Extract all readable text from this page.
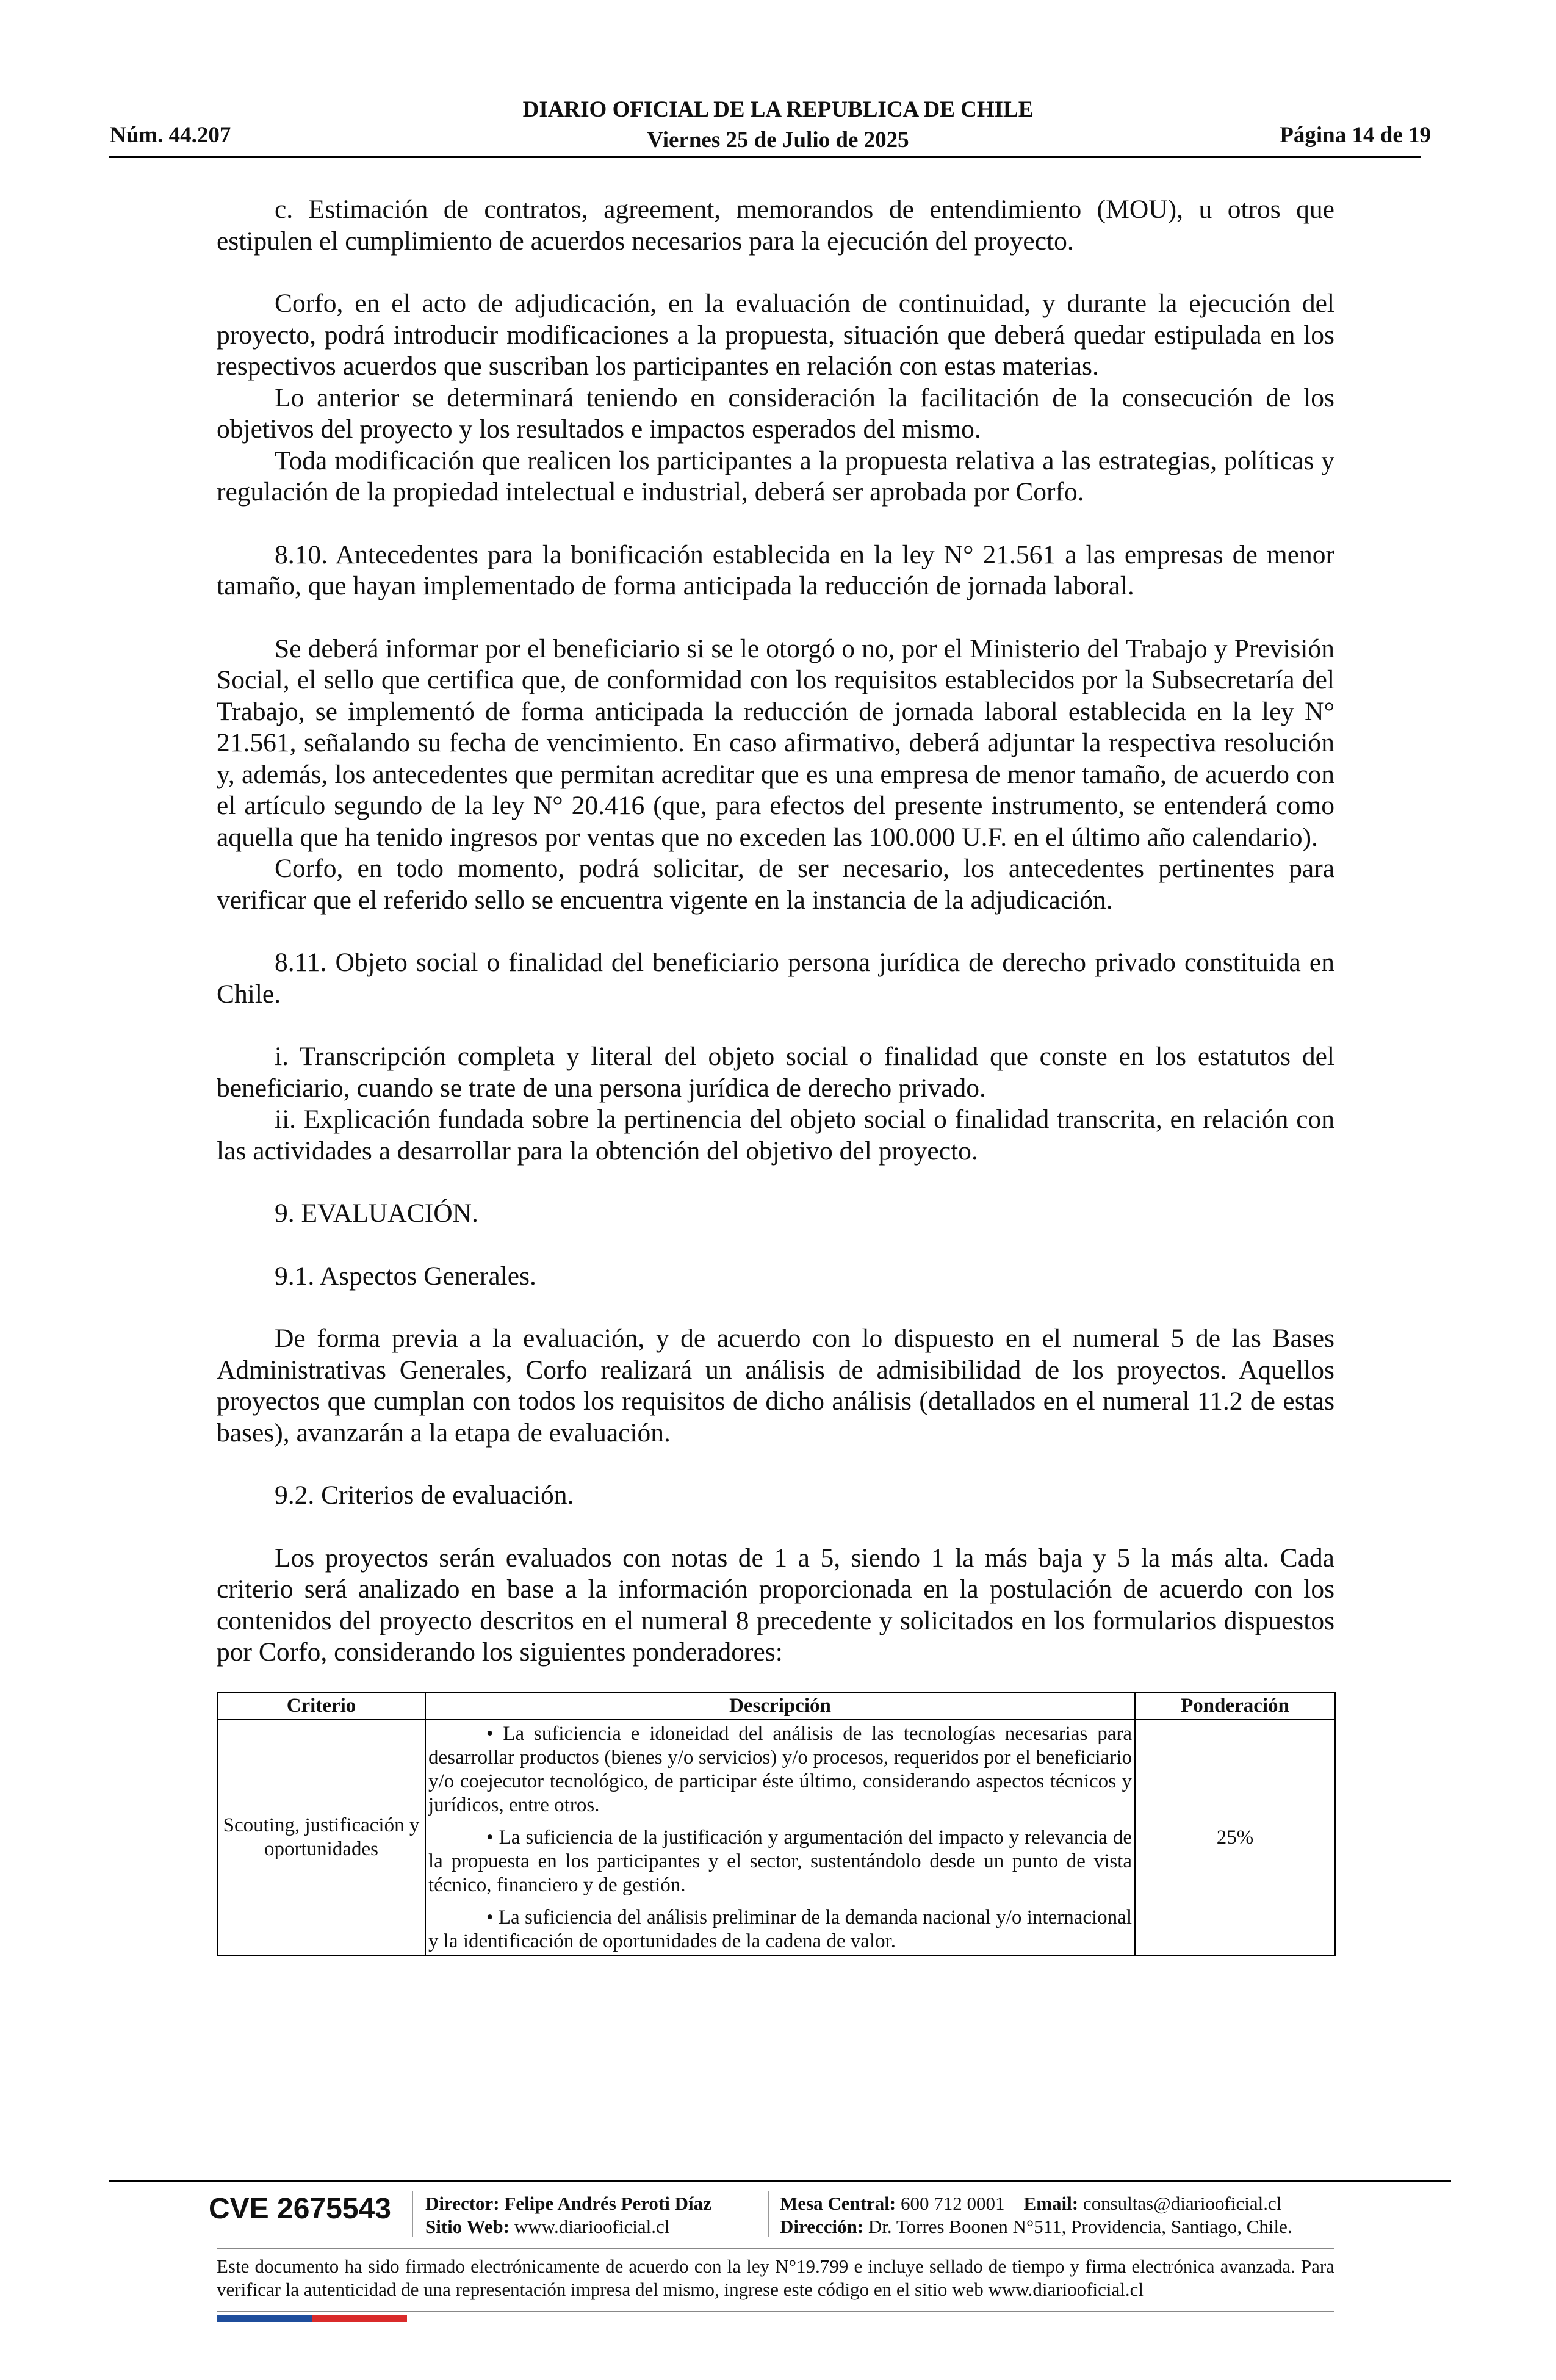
DIARIO OFICIAL DE LA REPUBLICA DE CHILE
Viernes 25 de Julio de 2025
Núm. 44.207	Página 14 de 19

c. Estimación de contratos, agreement, memorandos de entendimiento (MOU), u otros que estipulen el cumplimiento de acuerdos necesarios para la ejecución del proyecto.

Corfo, en el acto de adjudicación, en la evaluación de continuidad, y durante la ejecución del proyecto, podrá introducir modificaciones a la propuesta, situación que deberá quedar estipulada en los respectivos acuerdos que suscriban los participantes en relación con estas materias.

Lo anterior se determinará teniendo en consideración la facilitación de la consecución de los objetivos del proyecto y los resultados e impactos esperados del mismo.

Toda modificación que realicen los participantes a la propuesta relativa a las estrategias, políticas y regulación de la propiedad intelectual e industrial, deberá ser aprobada por Corfo.

8.10. Antecedentes para la bonificación establecida en la ley N° 21.561 a las empresas de menor tamaño, que hayan implementado de forma anticipada la reducción de jornada laboral.

Se deberá informar por el beneficiario si se le otorgó o no, por el Ministerio del Trabajo y Previsión Social, el sello que certifica que, de conformidad con los requisitos establecidos por la Subsecretaría del Trabajo, se implementó de forma anticipada la reducción de jornada laboral establecida en la ley N° 21.561, señalando su fecha de vencimiento. En caso afirmativo, deberá adjuntar la respectiva resolución y, además, los antecedentes que permitan acreditar que es una empresa de menor tamaño, de acuerdo con el artículo segundo de la ley N° 20.416 (que, para efectos del presente instrumento, se entenderá como aquella que ha tenido ingresos por ventas que no exceden las 100.000 U.F. en el último año calendario).

Corfo, en todo momento, podrá solicitar, de ser necesario, los antecedentes pertinentes para verificar que el referido sello se encuentra vigente en la instancia de la adjudicación.

8.11. Objeto social o finalidad del beneficiario persona jurídica de derecho privado constituida en Chile.

i. Transcripción completa y literal del objeto social o finalidad que conste en los estatutos del beneficiario, cuando se trate de una persona jurídica de derecho privado.

ii. Explicación fundada sobre la pertinencia del objeto social o finalidad transcrita, en relación con las actividades a desarrollar para la obtención del objetivo del proyecto.

9. EVALUACIÓN.

9.1. Aspectos Generales.

De forma previa a la evaluación, y de acuerdo con lo dispuesto en el numeral 5 de las Bases Administrativas Generales, Corfo realizará un análisis de admisibilidad de los proyectos. Aquellos proyectos que cumplan con todos los requisitos de dicho análisis (detallados en el numeral 11.2 de estas bases), avanzarán a la etapa de evaluación.

9.2. Criterios de evaluación.

Los proyectos serán evaluados con notas de 1 a 5, siendo 1 la más baja y 5 la más alta. Cada criterio será analizado en base a la información proporcionada en la postulación de acuerdo con los contenidos del proyecto descritos en el numeral 8 precedente y solicitados en los formularios dispuestos por Corfo, considerando los siguientes ponderadores:

Criterio	Descripción	Ponderación
Scouting, justificación y oportunidades	• La suficiencia e idoneidad del análisis de las tecnologías necesarias para desarrollar productos (bienes y/o servicios) y/o procesos, requeridos por el beneficiario y/o coejecutor tecnológico, de participar éste último, considerando aspectos técnicos y jurídicos, entre otros.

• La suficiencia de la justificación y argumentación del impacto y relevancia de la propuesta en los participantes y el sector, sustentándolo desde un punto de vista técnico, financiero y de gestión.

• La suficiencia del análisis preliminar de la demanda nacional y/o internacional y la identificación de oportunidades de la cadena de valor.	25%
CVE 2675543 Director: Felipe Andrés Peroti Díaz
Sitio Web: www.diariooficial.cl
Mesa Central: 600 712 0001 Email: consultas@diariooficial.cl
Dirección: Dr. Torres Boonen N°511, Providencia, Santiago, Chile.
Este documento ha sido firmado electrónicamente de acuerdo con la ley N°19.799 e incluye sellado de tiempo y firma electrónica avanzada. Para verificar la autenticidad de una representación impresa del mismo, ingrese este código en el sitio web www.diariooficial.cl
